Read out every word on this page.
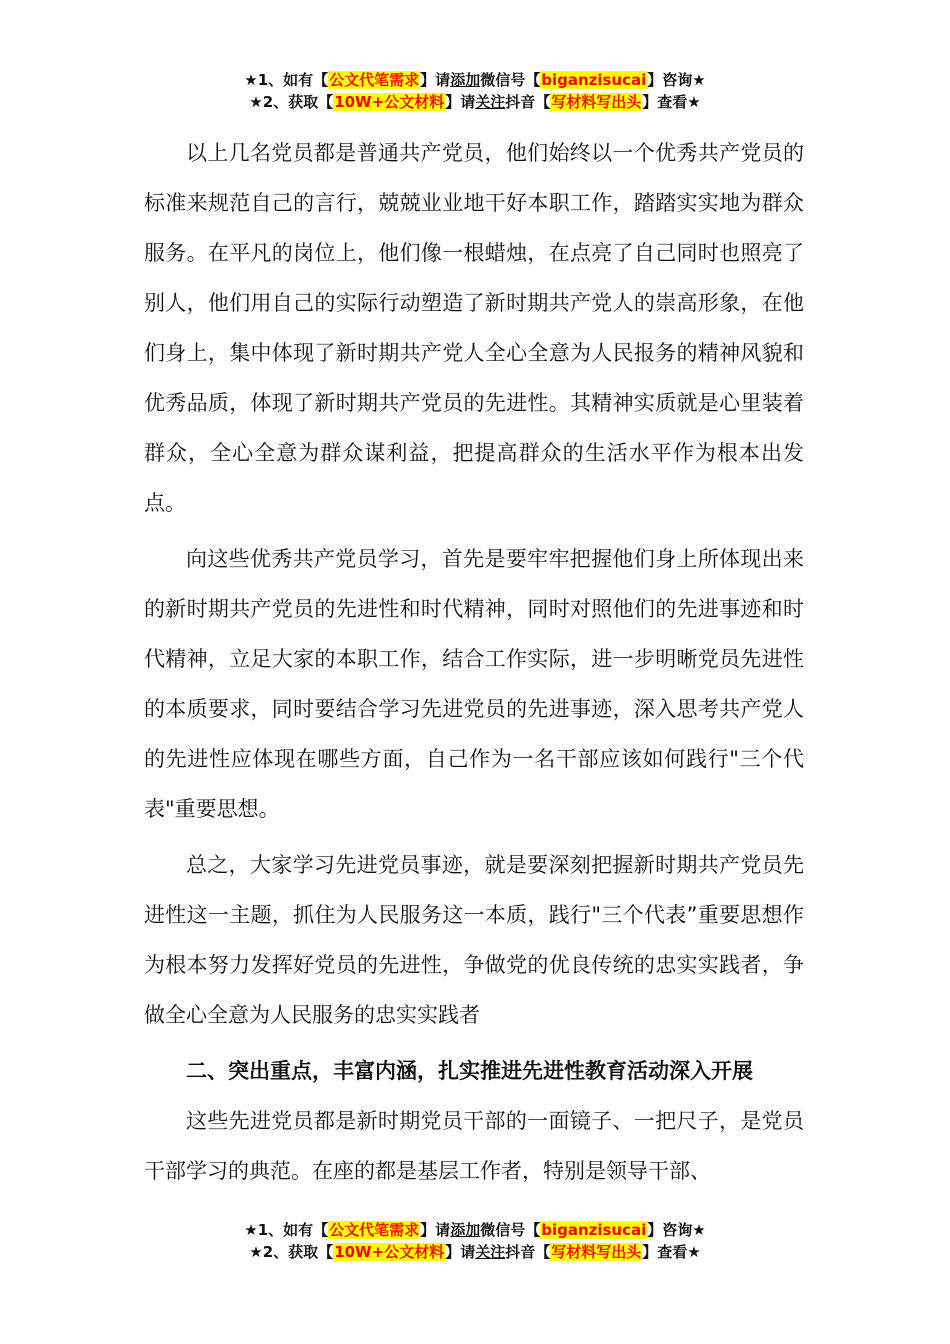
★1、如有【公文代笔需求】请添加微信号【biganzisucai】咨询★
★2、获取【10W+公文材料】请关注抖音【写材料写出头】查看★

以上几名党员都是普通共产党员，他们始终以一个优秀共产党员的标准来规范自己的言行，兢兢业业地干好本职工作，踏踏实实地为群众服务。在平凡的岗位上，他们像一根蜡烛，在点亮了自己同时也照亮了别人，他们用自己的实际行动塑造了新时期共产党人的崇高形象，在他们身上，集中体现了新时期共产党人全心全意为人民报务的精神风貌和优秀品质，体现了新时期共产党员的先进性。其精神实质就是心里装着群众，全心全意为群众谋利益，把提高群众的生活水平作为根本出发点。

向这些优秀共产党员学习，首先是要牢牢把握他们身上所体现出来的新时期共产党员的先进性和时代精神，同时对照他们的先进事迹和时代精神，立足大家的本职工作，结合工作实际，进一步明晰党员先进性的本质要求，同时要结合学习先进党员的先进事迹，深入思考共产党人的先进性应体现在哪些方面，自己作为一名干部应该如何践行"三个代表"重要思想。

总之，大家学习先进党员事迹，就是要深刻把握新时期共产党员先进性这一主题，抓住为人民服务这一本质，践行"三个代表”重要思想作为根本努力发挥好党员的先进性，争做党的优良传统的忠实实践者，争做全心全意为人民服务的忠实实践者

二、突出重点，丰富内涵，扎实推进先进性教育活动深入开展

这些先进党员都是新时期党员干部的一面镜子、一把尺子，是党员干部学习的典范。在座的都是基层工作者，特别是领导干部、

★1、如有【公文代笔需求】请添加微信号【biganzisucai】咨询★
★2、获取【10W+公文材料】请关注抖音【写材料写出头】查看★
